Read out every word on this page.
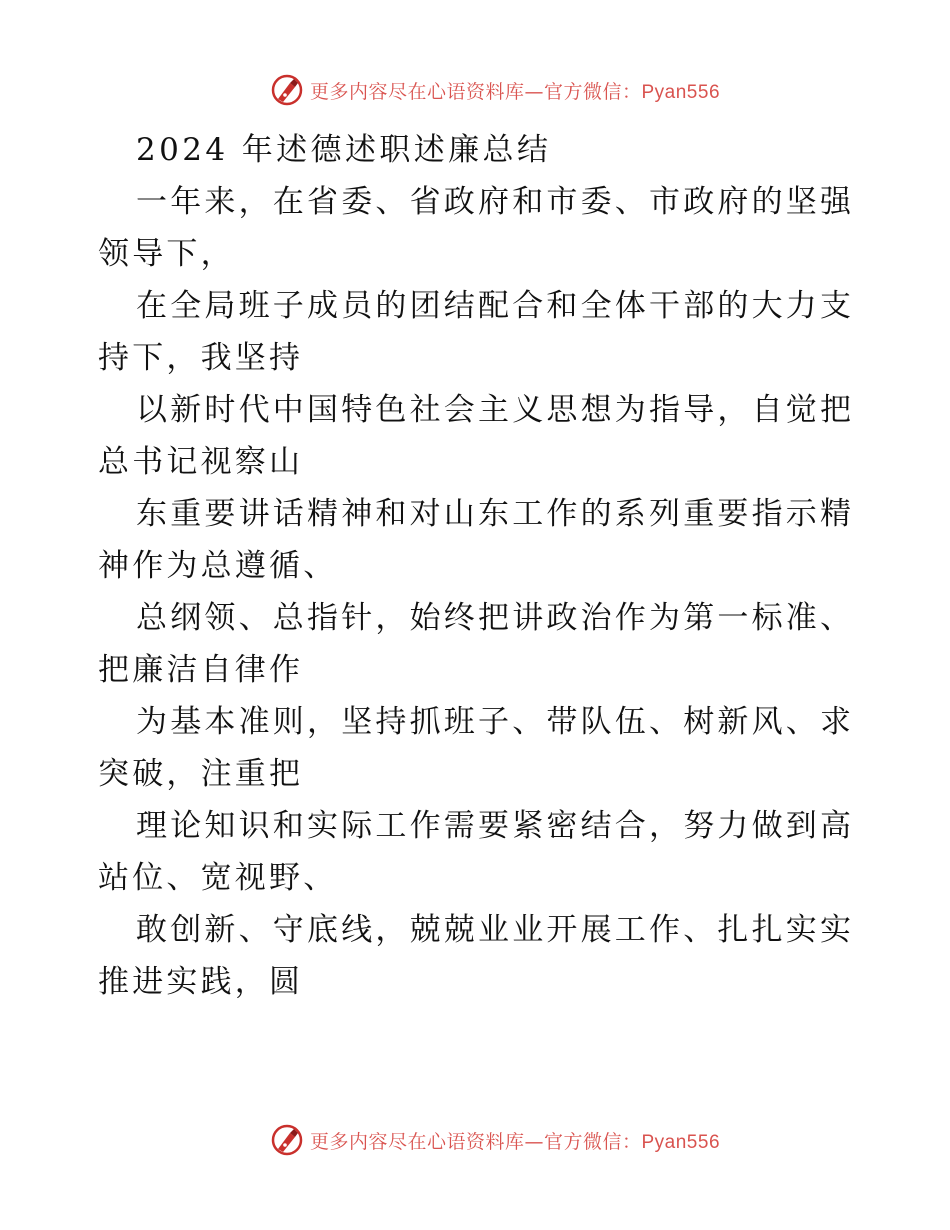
更多内容尽在心语资料库—官方微信：Pyan556
2024 年述德述职述廉总结
一年来，在省委、省政府和市委、市政府的坚强
领导下，
在全局班子成员的团结配合和全体干部的大力支
持下，我坚持
以新时代中国特色社会主义思想为指导，自觉把
总书记视察山
东重要讲话精神和对山东工作的系列重要指示精
神作为总遵循、
总纲领、总指针，始终把讲政治作为第一标准、
把廉洁自律作
为基本准则，坚持抓班子、带队伍、树新风、求
突破，注重把
理论知识和实际工作需要紧密结合，努力做到高
站位、宽视野、
敢创新、守底线，兢兢业业开展工作、扎扎实实
推进实践，圆
更多内容尽在心语资料库—官方微信：Pyan556
